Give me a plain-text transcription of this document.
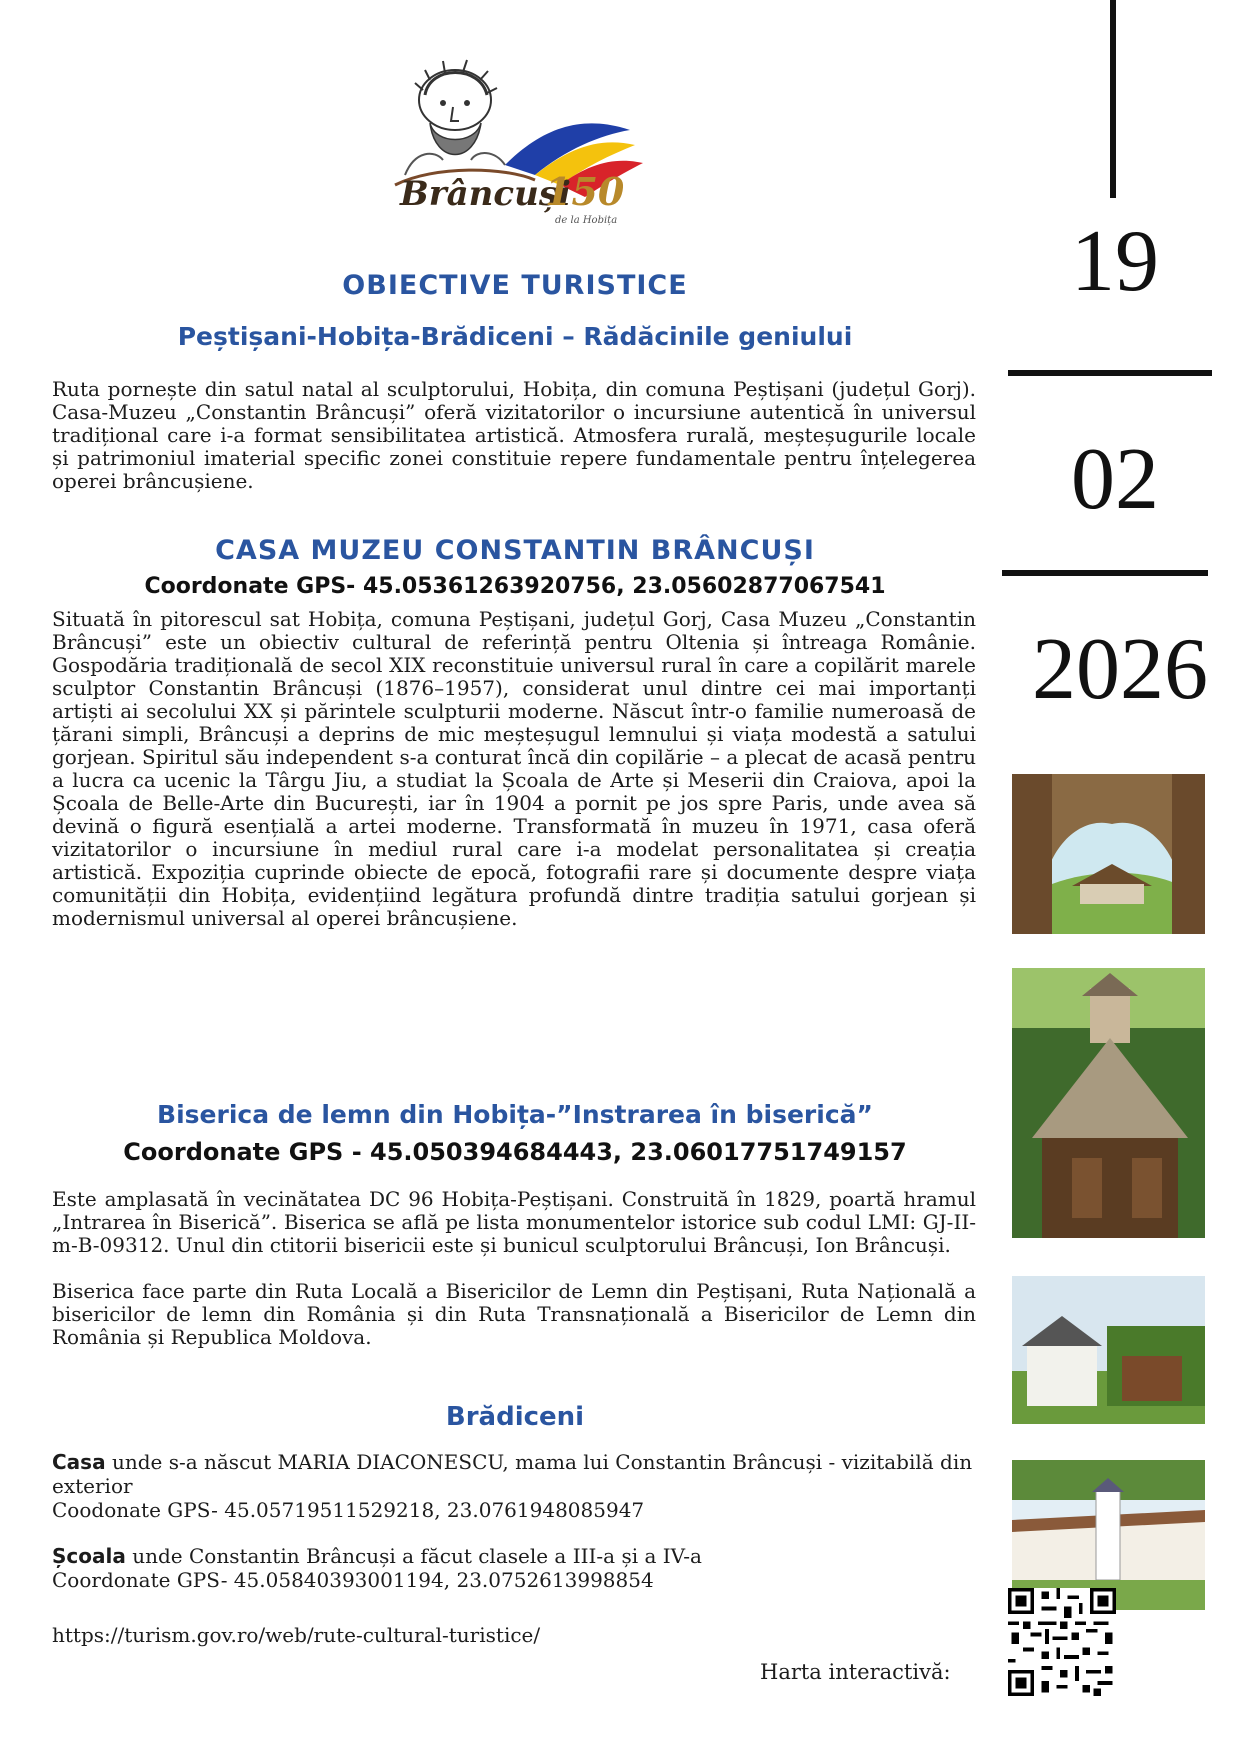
Brâncuși
150
de la Hobița
OBIECTIVE TURISTICE
Peștișani-Hobița-Brădiceni – Rădăcinile geniului
Ruta pornește din satul natal al sculptorului, Hobița, din comuna Peștișani (județul Gorj). Casa-Muzeu „Constantin Brâncuși” oferă vizitatorilor o incursiune autentică în universul tradițional care i-a format sensibilitatea artistică. Atmosfera rurală, meșteșugurile locale și patrimoniul imaterial specific zonei constituie repere fundamentale pentru înțelegerea operei brâncușiene.
CASA MUZEU CONSTANTIN BRÂNCUȘI
Coordonate GPS- 45.05361263920756, 23.05602877067541
Situată în pitorescul sat Hobița, comuna Peștișani, județul Gorj, Casa Muzeu „Constantin Brâncuși” este un obiectiv cultural de referință pentru Oltenia și întreaga Românie. Gospodăria tradițională de secol XIX reconstituie universul rural în care a copilărit marele sculptor Constantin Brâncuși (1876–1957), considerat unul dintre cei mai importanți artiști ai secolului XX și părintele sculpturii moderne. Născut într-o familie numeroasă de țărani simpli, Brâncuși a deprins de mic meșteșugul lemnului și viața modestă a satului gorjean. Spiritul său independent s-a conturat încă din copilărie – a plecat de acasă pentru a lucra ca ucenic la Târgu Jiu, a studiat la Școala de Arte și Meserii din Craiova, apoi la Școala de Belle-Arte din București, iar în 1904 a pornit pe jos spre Paris, unde avea să devină o figură esențială a artei moderne. Transformată în muzeu în 1971, casa oferă vizitatorilor o incursiune în mediul rural care i-a modelat personalitatea și creația artistică. Expoziția cuprinde obiecte de epocă, fotografii rare și documente despre viața comunității din Hobița, evidențiind legătura profundă dintre tradiția satului gorjean și modernismul universal al operei brâncușiene.
Biserica de lemn din Hobița-”Instrarea în biserică”
Coordonate GPS - 45.050394684443, 23.06017751749157
Este amplasată în vecinătatea DC 96 Hobița-Peștișani. Construită în 1829, poartă hramul „Intrarea în Biserică”. Biserica se află pe lista monumentelor istorice sub codul LMI: GJ-II-m-B-09312. Unul din ctitorii bisericii este și bunicul sculptorului Brâncuși, Ion Brâncuși.
Biserica face parte din Ruta Locală a Bisericilor de Lemn din Peștișani, Ruta Națională a bisericilor de lemn din România și din Ruta Transnațională a Bisericilor de Lemn din România și Republica Moldova.
Brădiceni
Casa unde s-a născut MARIA DIACONESCU, mama lui Constantin Brâncuși - vizitabilă din exterior
Coodonate GPS- 45.05719511529218, 23.0761948085947
Școala unde Constantin Brâncuși a făcut clasele a III-a și a IV-a
Coordonate GPS- 45.05840393001194, 23.0752613998854
https://turism.gov.ro/web/rute-cultural-turistice/
Harta interactivă:
19
02
2026
